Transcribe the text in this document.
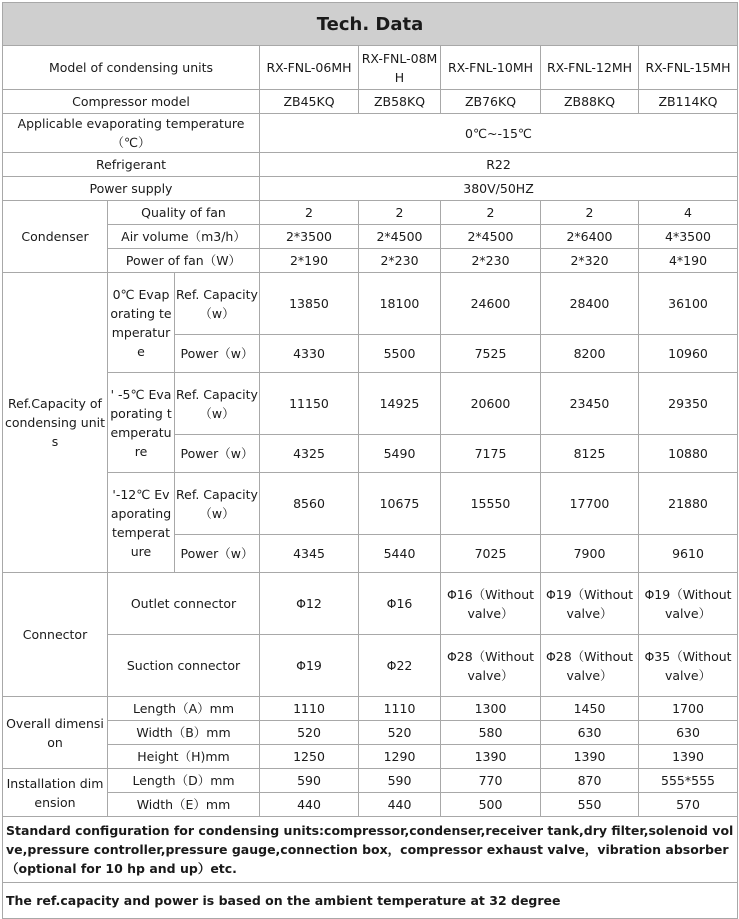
Tech. Data							
Model of condensing units			RX-FNL-06MH	RX-FNL-08MH	RX-FNL-10MH	RX-FNL-12MH	RX-FNL-15MH
Compressor model			ZB45KQ	ZB58KQ	ZB76KQ	ZB88KQ	ZB114KQ
Applicable evaporating temperature（℃）			0℃~-15℃				
Refrigerant			R22				
Power supply			380V/50HZ				
Condenser	Quality of fan		2	2	2	2	4
	Air volume（m3/h）		2*3500	2*4500	2*4500	2*6400	4*3500
	Power of fan（W）		2*190	2*230	2*230	2*320	4*190
Ref.Capacity of condensing units	0℃ Evaporating temperature	Ref. Capacity（w）	13850	18100	24600	28400	36100
		Power（w）	4330	5500	7525	8200	10960
	' -5℃ Evaporating temperature	Ref. Capacity（w）	11150	14925	20600	23450	29350
		Power（w）	4325	5490	7175	8125	10880
	'-12℃ Evaporating temperature	Ref. Capacity（w）	8560	10675	15550	17700	21880
		Power（w）	4345	5440	7025	7900	9610
Connector	Outlet connector		Φ12	Φ16	Φ16（Without valve）	Φ19（Without valve）	Φ19（Without valve）
	Suction connector		Φ19	Φ22	Φ28（Without valve）	Φ28（Without valve）	Φ35（Without valve）
Overall dimension	Length（A）mm		1110	1110	1300	1450	1700
	Width（B）mm		520	520	580	630	630
	Height（H)mm		1250	1290	1390	1390	1390
Installation dimension	Length（D）mm		590	590	770	870	555*555
	Width（E）mm		440	440	500	550	570
Standard configuration for condensing units:compressor,condenser,receiver tank,dry filter,solenoid volve,pressure controller,pressure gauge,connection box，compressor exhaust valve，vibration absorber（optional for 10 hp and up）etc.							
The ref.capacity and power is based on the ambient temperature at 32 degree							
